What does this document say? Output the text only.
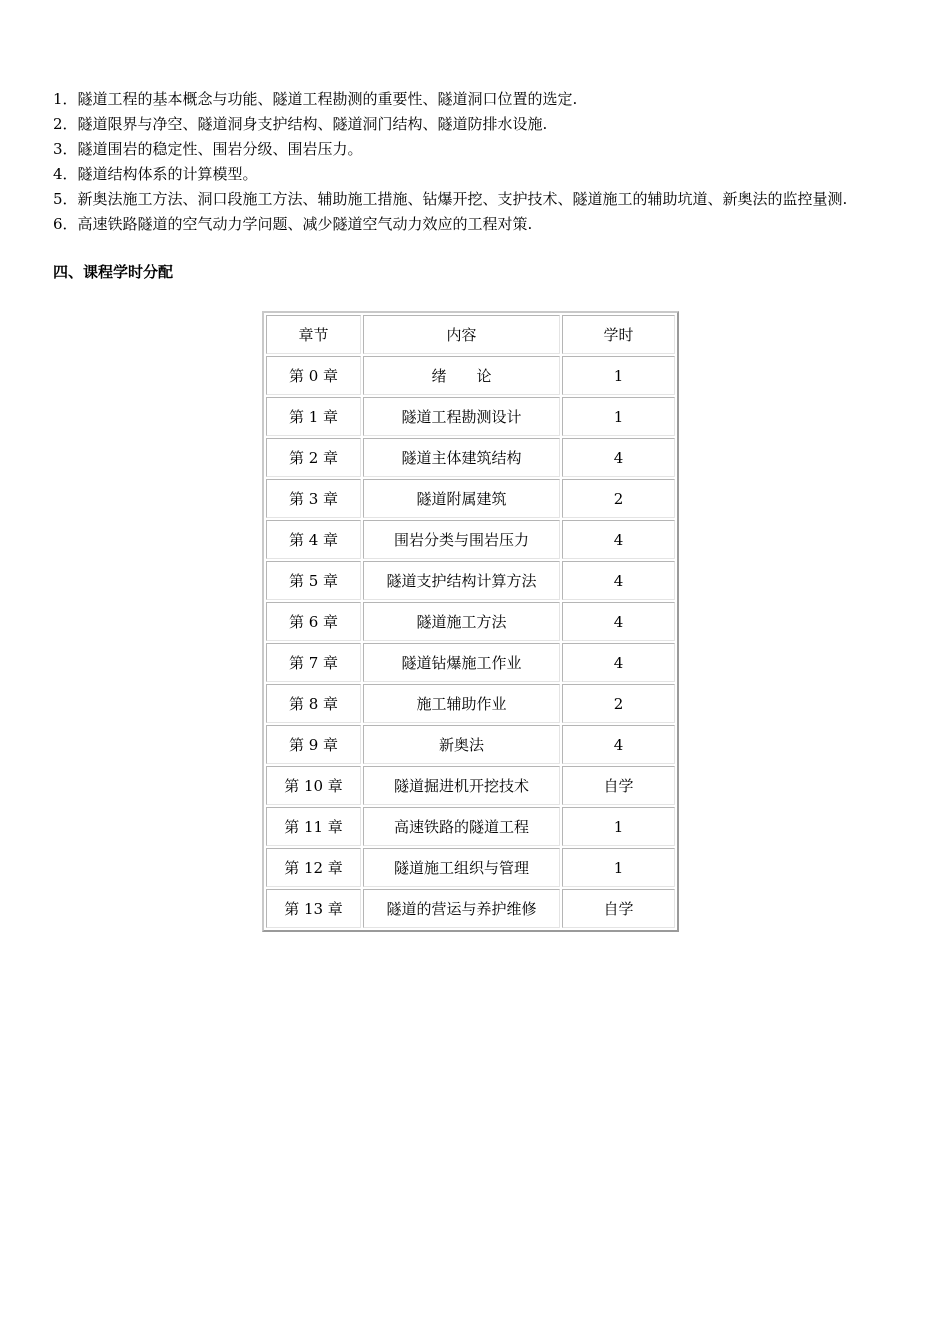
1．隧道工程的基本概念与功能、隧道工程勘测的重要性、隧道洞口位置的选定.

2．隧道限界与净空、隧道洞身支护结构、隧道洞门结构、隧道防排水设施.

3．隧道围岩的稳定性、围岩分级、围岩压力。

4．隧道结构体系的计算模型。

5．新奥法施工方法、洞口段施工方法、辅助施工措施、钻爆开挖、支护技术、隧道施工的辅助坑道、新奥法的监控量测.

6．高速铁路隧道的空气动力学问题、减少隧道空气动力效应的工程对策.

四、课程学时分配
章节	内容	学时
第 0 章	绪　　论	1
第 1 章	隧道工程勘测设计	1
第 2 章	隧道主体建筑结构	4
第 3 章	隧道附属建筑	2
第 4 章	围岩分类与围岩压力	4
第 5 章	隧道支护结构计算方法	4
第 6 章	隧道施工方法	4
第 7 章	隧道钻爆施工作业	4
第 8 章	施工辅助作业	2
第 9 章	新奥法	4
第 10 章	隧道掘进机开挖技术	自学
第 11 章	高速铁路的隧道工程	1
第 12 章	隧道施工组织与管理	1
第 13 章	隧道的营运与养护维修	自学
